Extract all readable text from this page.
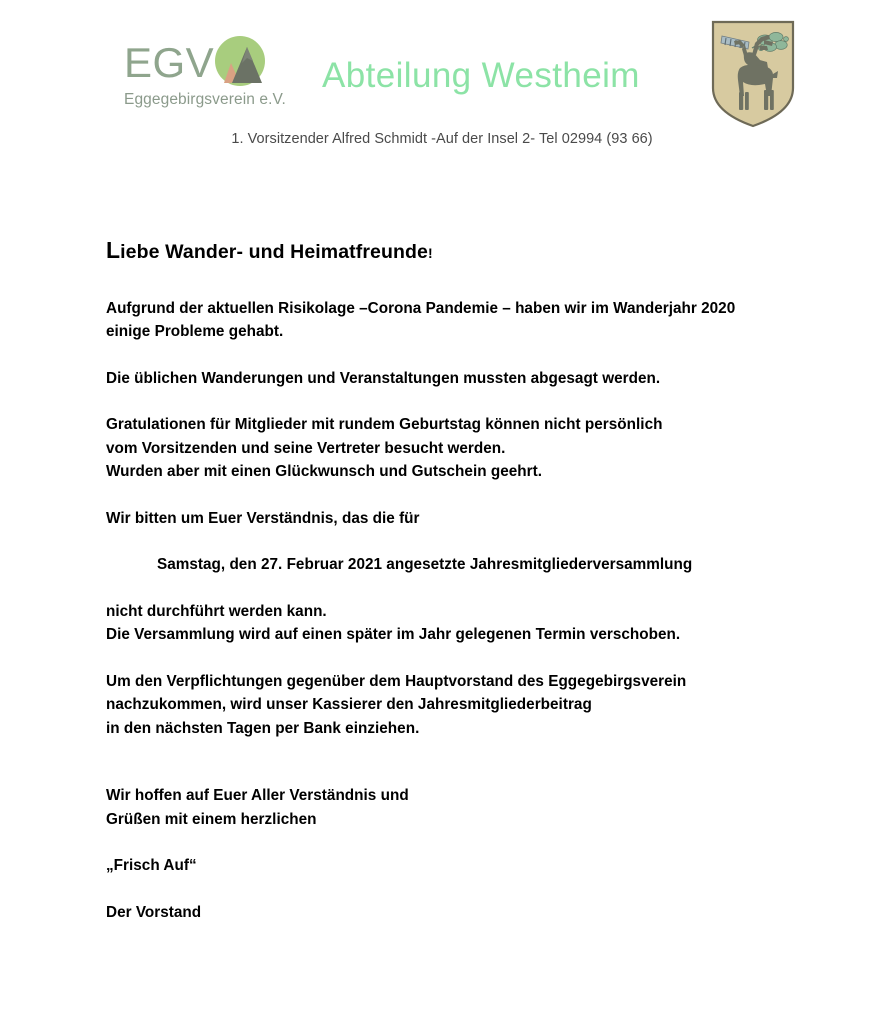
EGV
Eggegebirgsverein e.V.
Abteilung Westheim
1. Vorsitzender Alfred Schmidt -Auf der Insel 2- Tel 02994 (93 66)
Liebe Wander- und Heimatfreunde!

Aufgrund der aktuellen Risikolage –Corona Pandemie – haben wir im Wanderjahr 2020

einige Probleme gehabt.

Die üblichen Wanderungen und Veranstaltungen mussten abgesagt werden.

Gratulationen für Mitglieder mit rundem Geburtstag können nicht persönlich

vom Vorsitzenden und seine Vertreter besucht werden.

Wurden aber mit einen Glückwunsch und Gutschein geehrt.

Wir bitten um Euer Verständnis, das die für

Samstag, den 27. Februar 2021 angesetzte Jahresmitgliederversammlung

nicht durchführt werden kann.

Die Versammlung wird auf einen später im Jahr gelegenen Termin verschoben.

Um den Verpflichtungen gegenüber dem Hauptvorstand des Eggegebirgsverein

nachzukommen, wird unser Kassierer den Jahresmitgliederbeitrag

in den nächsten Tagen per Bank einziehen.

Wir hoffen auf Euer Aller Verständnis und

Grüßen mit einem herzlichen

„Frisch Auf“

Der Vorstand
